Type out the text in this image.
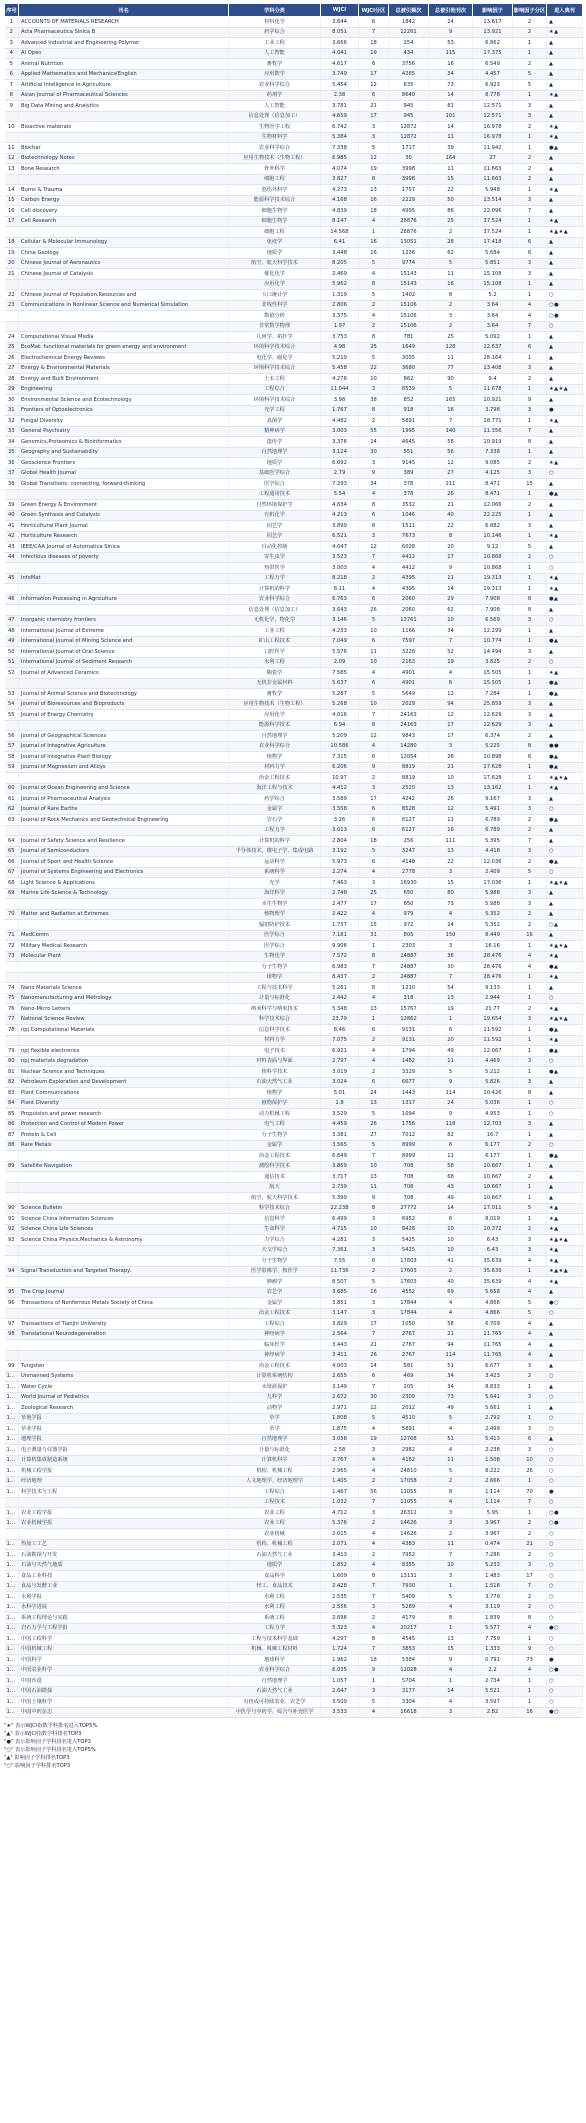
序号	刊名	学科分类	WJCI	WJCI分区	总被引频次	总被引他刊次	影响因子	影响因子分区	进入典刊
1	ACCOUNTS OF MATERIALS RESEARCH	材料化学	3.644	6	1842	24	13.617	2	▲
2	Acta Pharmaceutica Sinica B	药学综合	8.051	7	12261	9	13.921	2	★▲
3	Advanced Industrial and Engineering Polymer	工业工程	3.666	18	254	53	6.862	1	▲
4	AI Open	人工智能	4.041	19	434	115	17.375	1	▲
5	Animal Nutrition	畜牧学	4.617	6	3756	16	6.549	2	▲
6	Applied Mathematics and Mechanics(English	应用数学	3.749	17	4265	34	4.457	5	▲
7	Artificial Intelligence in Agriculture	农业科学综合	5.454	12	635	73	6.923	5	▲
8	Asian Journal of Pharmaceutical Sciences	药剂学	2.38	6	8640	14	8.778	1	★▲
9	Big Data Mining and Analytics	人工智能	3.781	21	945	81	12.571	3	▲
		信息处理（信息加工）	4.659	17	945	101	12.571	3	▲
10	Bioactive materials	生物医学工程	6.742	3	12872	14	16.978	2	★▲
		生物材料学	5.384	3	12872	11	16.978	1	★▲
11	Biochar	农业科学综合	7.338	5	1717	39	11.942	1	●▲
12	Biotechnology Notes	应用生物技术（生物工程）	6.985	12	30	164	27	2	▲
13	Bone Research	骨外科学	4.074	19	3998	11	11.663	2	▲
		细胞工程	3.827	8	3998	15	11.663	2	▲
14	Burns & Trauma	创伤外科学	4.273	13	1757	22	5.948	1	★▲
15	Carbon Energy	能源科学技术综合	4.168	16	2229	50	13.514	3	▲
16	Cell discovery	细胞生物学	4.839	18	4995	86	22.096	7	▲
17	Cell Research	细胞生物学	8.147	4	28876	25	37.524	1	★▲
		细胞工程	14.568	1	28876	2	37.524	1	★▲★▲
18	Cellular & Molecular Immunology	免疫学	6.41	16	13051	28	17.418	6	▲
19	China Geology	地质学	3.448	16	1236	62	5.684	6	▲
20	Chinese Journal of Aeronautics	航空、航天科学技术	8.205	5	9774	5	5.851	3	▲
21	Chinese Journal of Catalysis	催化化学	2.469	4	15143	11	15.108	3	▲
		应用化学	5.962	8	15143	16	15.108	1	▲
22	Chinese Journal of Population,Resources and	人口统计学	1.319	5	1402	8	5.2	1	○
23	Communications in Nonlinear Science and Numerical Simulation	非线性科学	2.806	2	15106	2	3.64	4	○●
		数值分析	3.375	4	15106	3	3.64	4	○●
		非常数学物理	1.97	2	15106	2	3.64	7	○
24	Computational Visual Media	几何学、拓扑学	3.753	8	781	25	5.092	1	▲
25	EcoMat: functional materials for green energy and environment	环境科学技术综合	4.98	25	1649	128	12.637	6	▲
26	Electrochemical Energy Reviews	电化学、磁化学	5.219	5	3035	11	28.164	1	▲
27	Energy & Environmental Materials	环境科学技术综合	5.458	22	3680	77	13.408	3	▲
28	Energy and Built Environment	土木工程	4.278	10	862	90	9.4	2	▲
29	Engineering	工程综合	11.044	3	8539	5	11.678	1	★▲★▲
30	Environmental Science and Ecotechnology	环境科学技术综合	3.98	38	852	165	10.921	9	▲
31	Frontiers of Optoelectronics	光学工程	1.767	8	918	16	3.798	3	●
32	Fungal Diversity	真菌学	4.482	2	5891	7	18.771	1	★▲
33	General Psychiatry	精神病学	3.003	55	1995	140	11.356	7	▲
34	Genomics,Proteomics & Bioinformatics	遗传学	3.376	24	4645	58	10.919	8	▲
35	Geography and Sustainability	自然地理学	3.124	30	551	56	7.338	1	▲
36	Geoscience Frontiers	地质学	6.692	3	9145	12	9.085	2	★▲
37	Global Health Journal	基础医学综合	2.79	9	389	27	4.125	3	○
38	Global Transitions: connecting, forward-thinking	医学综合	7.293	34	378	211	8.471	15	▲
		工程通用技术	5.54	4	378	26	8.471	1	●▲
39	Green Energy & Environment	自然环境保护学	4.634	8	3532	21	12.066	2	▲
40	Green Synthesis and Catalysis	有机化学	4.213	6	1046	40	22.225	1	▲
41	Horticultural Plant Journal	园艺学	3.899	8	1511	22	6.882	3	▲
42	Horticulture Research	园艺学	6.521	3	7673	8	10.146	1	★▲
43	IEEE/CAA Journal of Automatica Sinica	自动化控制	4.047	12	6028	20	9.12	5	▲
44	Infectious diseases of poverty	寄生虫学	3.523	7	4412	17	10.868	2	○
		热带医学	3.003	4	4412	9	10.868	1	○
45	InfoMat	工程力学	8.218	2	4395	11	19.313	1	★▲
		计算机的科学	8.11	4	4395	14	19.313	1	★▲
46	Information Processing in Agriculture	农业科学综合	6.763	6	2060	29	7.908	8	●▲
		信息处理（信息加工）	3.643	26	2060	62	7.908	8	▲
47	Inorganic chemistry frontiers	无机化学、物化学	3.146	5	13761	10	6.569	3	○
48	International Journal of Extreme	工业工程	4.233	10	1166	34	12.299	1	▲
49	International Journal of Mining Science and	矿山工程技术	7.049	6	7597	7	10.774	1	●▲
50	International Journal of Oral Science	口腔医学	5.576	11	3228	52	14.494	3	▲
51	International Journal of Sediment Research	水利工程	2.09	10	2163	19	3.825	2	○
52	Journal of Advanced Ceramics	陶瓷学	7.585	4	4901	4	15.505	1	★▲
		无机非金属材料	5.637	6	4901	6	15.505	1	●▲
53	Journal of Animal Science and Biotechnology	畜牧学	5.287	5	5649	12	7.284	1	●▲
54	Journal of Bioresources and Bioproducts	应用生物技术（生物工程）	5.268	10	2029	94	25.859	3	▲
55	Journal of Energy Chemistry	应用化学	4.016	7	24163	12	12.629	3	▲
		能源科学技术	6.94	8	24163	17	12.629	3	▲
56	Journal of Geographical Sciences	自然地理学	5.209	12	9843	17	6.374	2	▲
57	Journal of Integrative Agriculture	农业科学综合	10.586	4	14280	3	5.225	8	●●
58	Journal of Integrative Plant Biology	植物学	7.315	6	12054	28	10.898	6	●▲
59	Journal of Magnesium and Alloys	材料力学	6.206	9	8819	21	17.628	1	●▲
		冶金工程技术	10.97	2	8819	10	17.628	1	★▲★▲
60	Journal of Ocean Engineering and Science	海洋工程与技术	4.412	3	2520	13	13.162	1	★▲
61	Journal of Pharmaceutical Analysis	药学综合	3.589	17	4242	26	9.167	3	▲
62	Journal of Rare Earths	金属学	3.558	6	8528	12	5.491	3	○
63	Journal of Rock Mechanics and Geotechnical Engineering	岩石学	3.26	6	6127	11	6.789	2	●▲
		工程力学	3.013	6	6127	16	6.789	2	▲
64	Journal of Safety Science and Resilience	计算机的科学	2.804	18	256	111	5.395	7	▲
65	Journal of Semiconductors	半导体技术、微电子学、集成电路	3.192	5	3247	13	4.418	3	○
66	Journal of Sport and Health Science	运动科学	5.973	6	4148	22	12.036	2	●▲
67	Journal of Systems Engineering and Electronics	系统科学	2.274	4	2778	3	2.409	5	○
68	Light Science & Applications	光学	7.463	3	16930	15	17.036	1	★▲★▲
69	Marine Life Science & Technology	海洋科学	2.748	25	650	80	5.988	3	▲
		水生生物学	2.477	17	650	73	5.988	3	▲
70	Matter and Radiation at Extremes	核物理学	2.422	4	979	4	5.352	2	▲
		辐射防护技术	1.737	15	972	24	5.352	2	○▲
71	MedComm	医学综合	7.181	31	805	150	8.449	16	▲
72	Military Medical Research	医学综合	9.906	1	2303	3	16.16	1	★▲★▲
73	Molecular Plant	生物化学	7.572	8	24887	36	28.476	4	★▲
		分子生物学	6.983	7	24887	30	28.476	4	●▲
		植物学	8.437	2	24887	7	28.476	1	★▲
74	Nano Materials Science	工程与技术科学	5.261	8	1210	54	9.133	1	▲
75	Nanomanufacturing and Metrology	计量与标准化	2.442	4	318	13	2.944	1	○
76	Nano-Micro Letters	纳米科学与纳米技术	5.348	13	15767	19	21.77	2	★▲
77	National Science Review	科学技术综合	23.79	1	12862	1	19.654	3	★▲★▲
78	npj Computational Materials	信息科学技术	8.46	6	9131	6	11.592	1	●▲
		材料力学	7.075	2	9131	20	11.592	1	★▲
79	npj flexible electronics	电子技术	6.921	4	1794	49	12.067	1	●▲
80	npj materials degradation	材料表面与界面	2.797	4	1482	11	4.469	3	○
81	Nuclear Science and Techniques	核科学技术	3.019	2	3329	5	5.212	1	●▲
82	Petroleum Exploration and Development	石油天然气工业	3.024	6	6677	9	5.826	3	▲
83	Plant Communications	植物学	5.01	24	1443	114	10.426	8	▲
84	Plant Diversity	植物保护学	1.8	13	1317	24	5.036	1	○
85	Propulsion and power research	动力机械工程	3.529	5	1094	9	4.953	1	○
86	Protection and Control of Modern Power	电气工程	4.459	26	1756	118	12.703	3	▲
87	Protein & Cell	分子生物学	3.381	27	7012	82	16.7	1	▲
88	Rare Metals	金属学	3.565	5	8999	6	6.177	2	○
		冶金工程技术	6.849	7	8999	11	6.177	1	●▲
89	Satellite Navigation	测绘科学技术	3.859	10	708	58	10.667	1	▲
		通信技术	3.717	13	708	68	10.667	2	▲
		航天	2.739	11	708	43	10.667	1	▲
		航空、航天科学技术	5.399	9	708	49	10.667	1	▲
90	Science Bulletin	科学技术综合	22.238	8	27772	14	17.011	5	★▲
91	Science China Information Sciences	信息科学	6.499	3	6952	6	8.019	1	★▲
92	Science China Life Sciences	生命科学	4.715	10	8428	10	10.372	2	★▲
93	Science China Physics,Mechanics & Astronomy	力学综合	4.281	3	5425	10	6.43	3	★▲★▲
		天文学综合	7.361	3	5425	10	6.43	3	★▲
		分子生物学	7.55	6	17603	41	35.639	4	★▲
94	Signal Transduction and Targeted Therapy.	医学影像学、核医学	11.736	2	17603	2	35.639	1	★▲★▲
		肿瘤学	8.507	5	17603	40	35.639	4	★▲
95	The Crop Journal	农艺学	3.685	16	4552	69	5.658	4	▲
96	Transactions of Nonferrous Metals Society of China	金属学	3.851	3	17844	4	4.866	5	●○
		冶金工程技术	3.147	3	17844	4	4.866	5	○
97	Transactions of Tianjin University	工程综合	3.829	17	1050	58	6.709	4	▲
98	Translational Neurodegeneration	神经病学	2.564	7	2767	21	11.765	4	▲
		临床医学	3.443	21	2767	94	11.765	4	▲
		神经病学	3.411	26	2767	114	11.765	4	▲
99	Tungsten	冶金工程技术	4.003	14	581	51	6.677	3	▲
100	Unmanned Systems	计算机系统结构	2.655	6	469	34	3.423	2	○
101	Water Cycle	水资源保护	3.149	7	205	34	8.833	1	▲
102	World Journal of Pediatrics	儿科学	2.672	30	2309	73	5.641	3	○
103	Zoological Research	动物学	2.971	12	2012	49	5.661	1	▲
104	草地学报	草学	1.808	5	4510	5	2.792	1	○
105	草业学报	草学	1.875	4	5891	4	2.499	3	○
106	地理学报	自然地理学	3.058	19	12768	51	5.413	6	▲
107	电子测量与仪器学报	计量与标准化	2.58	3	2982	4	2.238	3	○
108	计算机集成制造系统	计算机科学	2.767	4	4182	11	1.508	10	○
109	机械工程学报	机构、机械工程	2.965	4	24810	5	8.222	26	○
110	经济地理	人文地理学、经济地理学	1.405	2	17058	2	2.666	1	○
111	科学技术与工程	工程综合	1.467	56	11055	8	1.114	70	●
		工程技术	1.032	7	11055	4	1.114	7	○
112	农业工程学报	农业工程	4.712	3	26312	3	5.95	1	○●
113	农业机械学报	农业工程	5.376	2	14626	3	3.967	2	○●
		农业机械	2.015	4	14626	2	3.967	2	○
114	热加工工艺	机构、机械工程	2.071	4	4383	11	0.474	21	○
115	石油勘探与开发	石油天然气工业	3.413	2	7952	7	7.286	2	○
116	石油与天然气地质	地质学	1.852	4	8355	20	5.233	3	○
117	食品工业科技	食品科学	1.609	8	13131	3	1.483	17	○
118	食品与发酵工业	轻工、食品技术	2.428	7	7930	1	1.518	7	○
119	水利学报	水利工程	2.535	7	5409	5	3.779	2	○
120	水科学进展	水利工程	2.556	3	5289	4	3.119	2	○
121	系统工程理论与实践	系统工程	2.696	2	4179	8	1.839	8	○
122	岩石力学与工程学报	工程力学	5.323	4	20217	1	5.577	4	●○
123	中国工程科学	工程与技术科学基础	4.297	8	4545	13	7.759	1	○
124	中国机械工程	机械、机械工程材料	1.724	7	3853	15	1.333	9	○
125	中国科学	地球科学	1.962	18	5384	9	0.791	73	●
126	中国农业科学	农业科学综合	6.035	9	12028	4	2.2	4	○●
127	中国沙漠	自然地理学	1.057	1	5704	1	2.734	1	○
128	中国石油勘探	石油天然气工业	2.647	3	3177	14	5.521	1	○
129	中国土壤科学	有机或可持续农业、农艺学	3.509	5	3304	4	3.597	1	○
130	中国中药杂志	中医学与中药学、综合与补充医学	3.533	4	16618	3	2.82	16	●○
"★" 表示WJCI指数学科排名进入TOP5%
"▲" 表示WJCI指数学科排名TOP3
"●" 表示影响因子学科排名进入TOP3
"○" 表示影响因子学科排名进入TOP5%
"▲" 影响因子学科排名TOP3
"○" 影响因子学科排名TOP3
